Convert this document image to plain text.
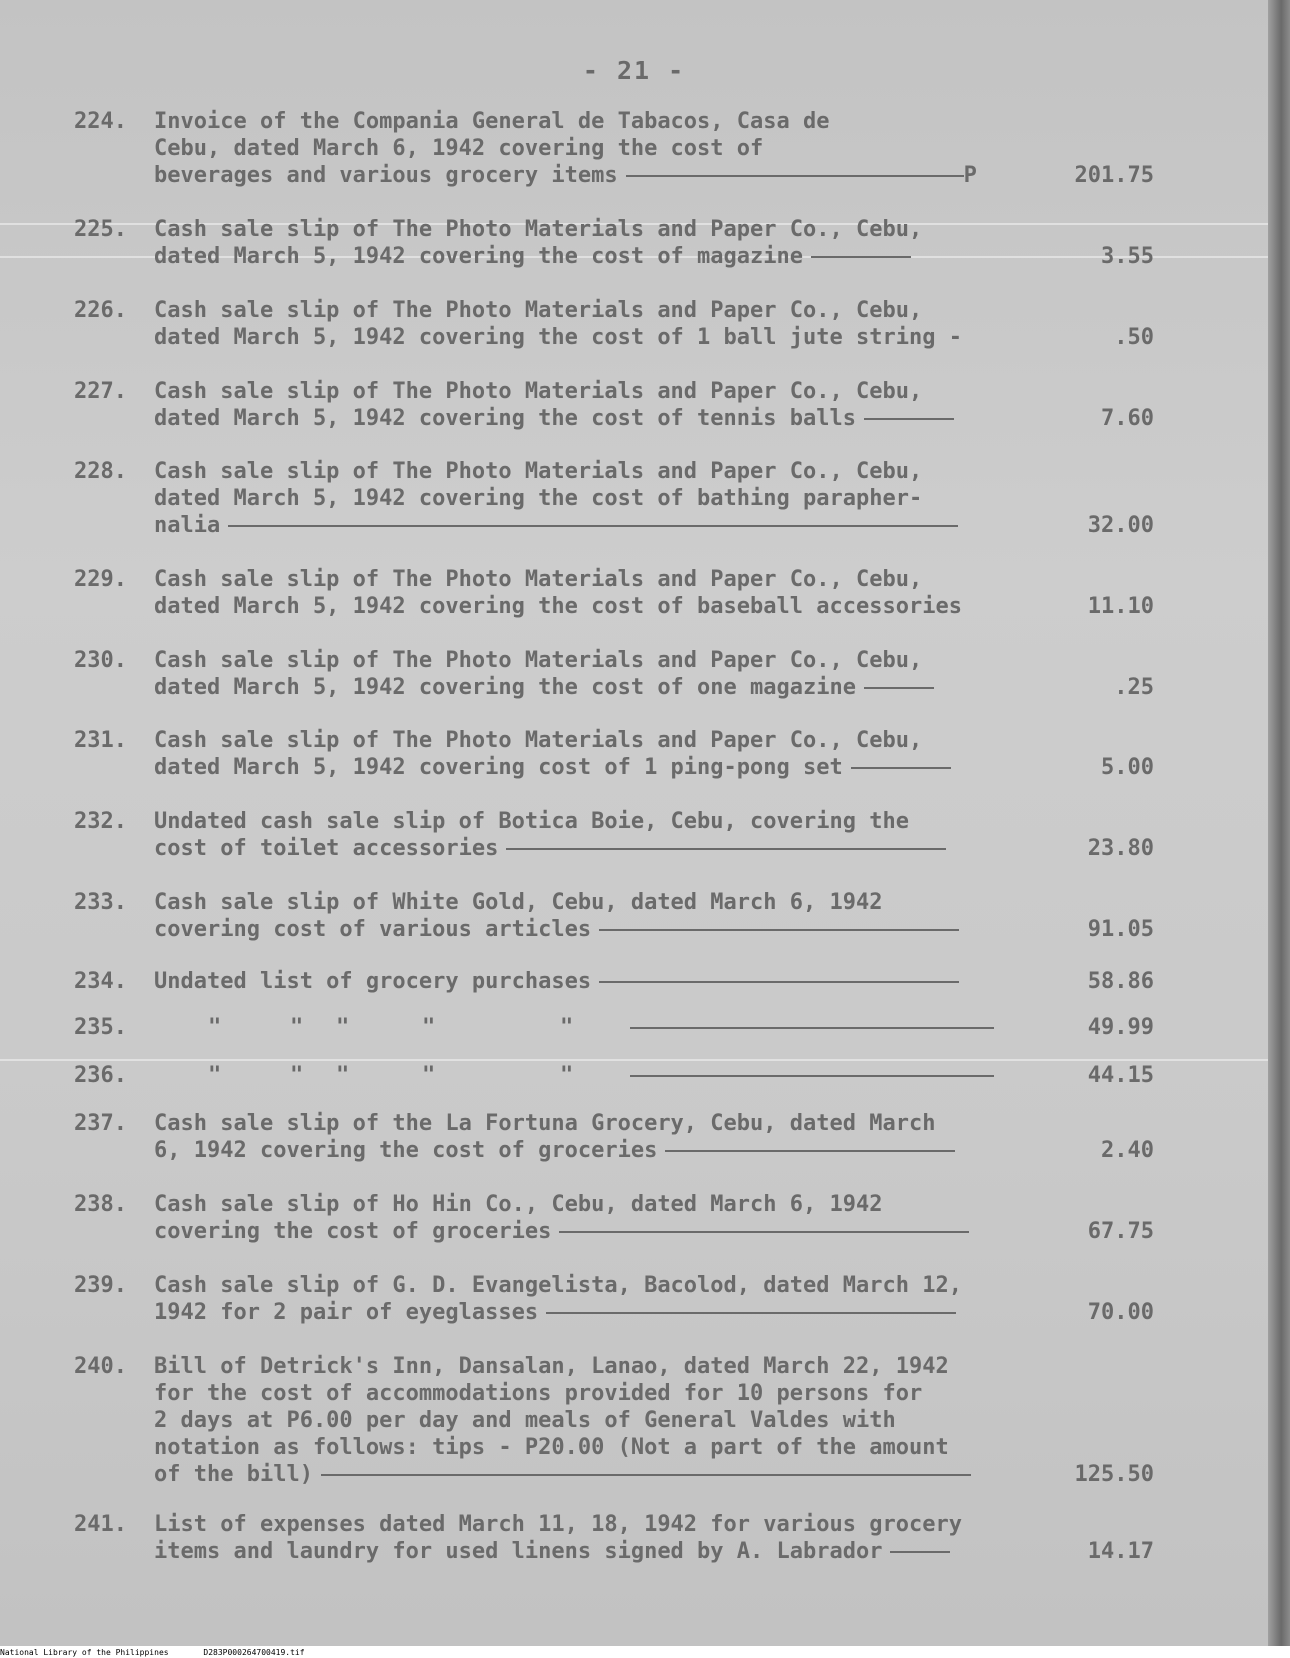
- 21 -
224. Invoice of the Compania General de Tabacos, Casa de
Cebu, dated March 6, 1942 covering the cost of
beverages and various grocery items	P	201.75
225. Cash sale slip of The Photo Materials and Paper Co., Cebu,
dated March 5, 1942 covering the cost of magazine	3.55
226. Cash sale slip of The Photo Materials and Paper Co., Cebu,
dated March 5, 1942 covering the cost of 1 ball jute string -	.50
227. Cash sale slip of The Photo Materials and Paper Co., Cebu,
dated March 5, 1942 covering the cost of tennis balls	7.60
228. Cash sale slip of The Photo Materials and Paper Co., Cebu,
dated March 5, 1942 covering the cost of bathing parapher-
nalia	32.00
229. Cash sale slip of The Photo Materials and Paper Co., Cebu,
dated March 5, 1942 covering the cost of baseball accessories	11.10
230. Cash sale slip of The Photo Materials and Paper Co., Cebu,
dated March 5, 1942 covering the cost of one magazine	.25
231. Cash sale slip of The Photo Materials and Paper Co., Cebu,
dated March 5, 1942 covering cost of 1 ping-pong set	5.00
232. Undated cash sale slip of Botica Boie, Cebu, covering the
cost of toilet accessories	23.80
233. Cash sale slip of White Gold, Cebu, dated March 6, 1942
covering cost of various articles	91.05
234. Undated list of grocery purchases	58.86
235.	"	" "	"	"	49.99
236.	"	" "	"	"	44.15
237. Cash sale slip of the La Fortuna Grocery, Cebu, dated March
6, 1942 covering the cost of groceries	2.40
238. Cash sale slip of Ho Hin Co., Cebu, dated March 6, 1942
covering the cost of groceries	67.75
239. Cash sale slip of G. D. Evangelista, Bacolod, dated March 12,
1942 for 2 pair of eyeglasses	70.00
240. Bill of Detrick's Inn, Dansalan, Lanao, dated March 22, 1942
for the cost of accommodations provided for 10 persons for
2 days at P6.00 per day and meals of General Valdes with
notation as follows: tips - P20.00 (Not a part of the amount
of the bill)	125.50
241. List of expenses dated March 11, 18, 1942 for various grocery
items and laundry for used linens signed by A. Labrador	14.17
National Library of the Philippines	D283P000264700419.tif
